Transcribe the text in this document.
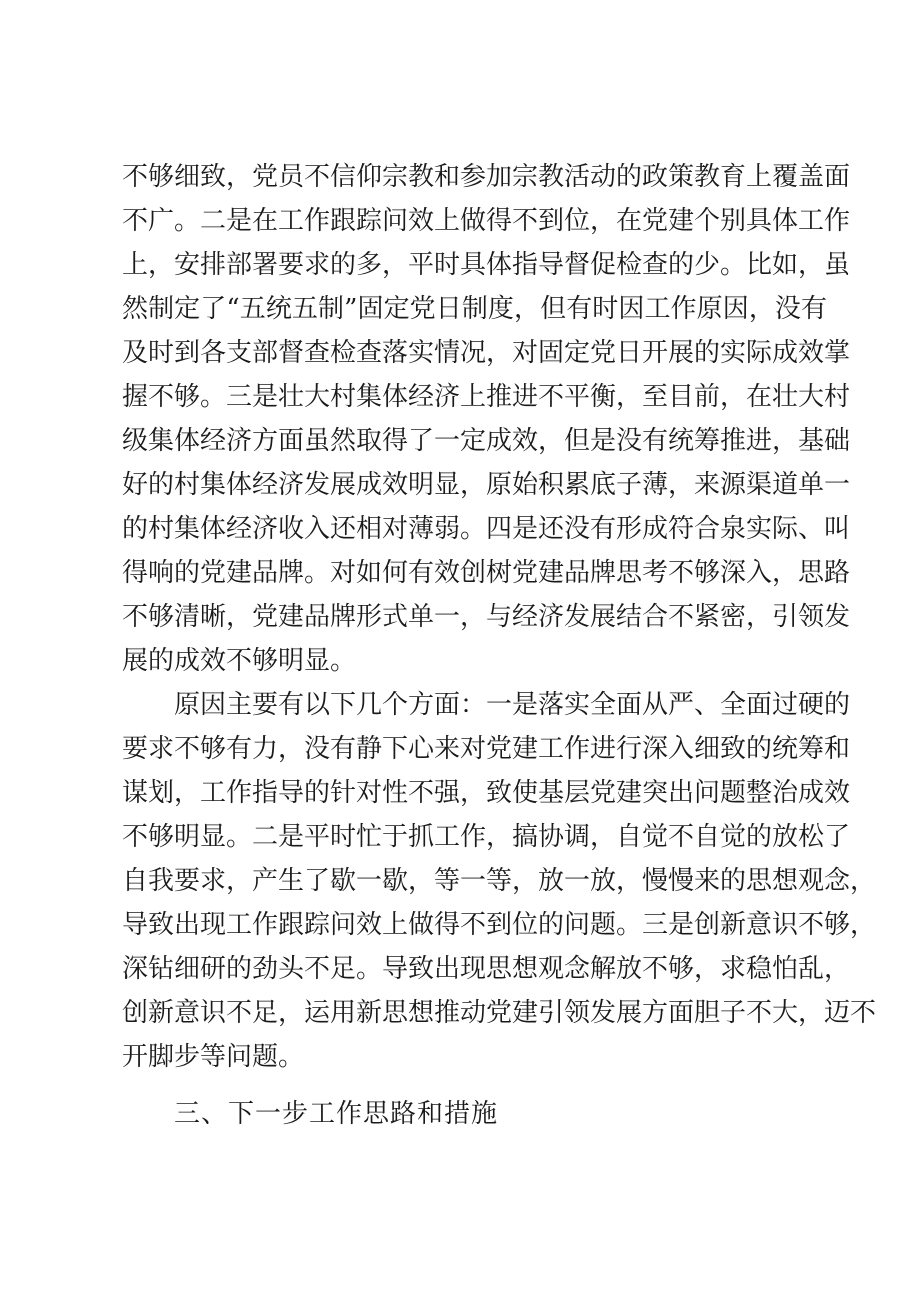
不够细致，党员不信仰宗教和参加宗教活动的政策教育上覆盖面
不广。二是在工作跟踪问效上做得不到位，在党建个别具体工作
上，安排部署要求的多，平时具体指导督促检查的少。比如，虽
然制定了“五统五制”固定党日制度，但有时因工作原因，没有
及时到各支部督查检查落实情况，对固定党日开展的实际成效掌
握不够。三是壮大村集体经济上推进不平衡，至目前，在壮大村
级集体经济方面虽然取得了一定成效，但是没有统筹推进，基础
好的村集体经济发展成效明显，原始积累底子薄，来源渠道单一
的村集体经济收入还相对薄弱。四是还没有形成符合泉实际、叫
得响的党建品牌。对如何有效创树党建品牌思考不够深入，思路
不够清晰，党建品牌形式单一，与经济发展结合不紧密，引领发
展的成效不够明显。
原因主要有以下几个方面：一是落实全面从严、全面过硬的
要求不够有力，没有静下心来对党建工作进行深入细致的统筹和
谋划，工作指导的针对性不强，致使基层党建突出问题整治成效
不够明显。二是平时忙于抓工作，搞协调，自觉不自觉的放松了
自我要求，产生了歇一歇，等一等，放一放，慢慢来的思想观念，
导致出现工作跟踪问效上做得不到位的问题。三是创新意识不够，
深钻细研的劲头不足。导致出现思想观念解放不够，求稳怕乱，
创新意识不足，运用新思想推动党建引领发展方面胆子不大，迈不
开脚步等问题。
三、下一步工作思路和措施
